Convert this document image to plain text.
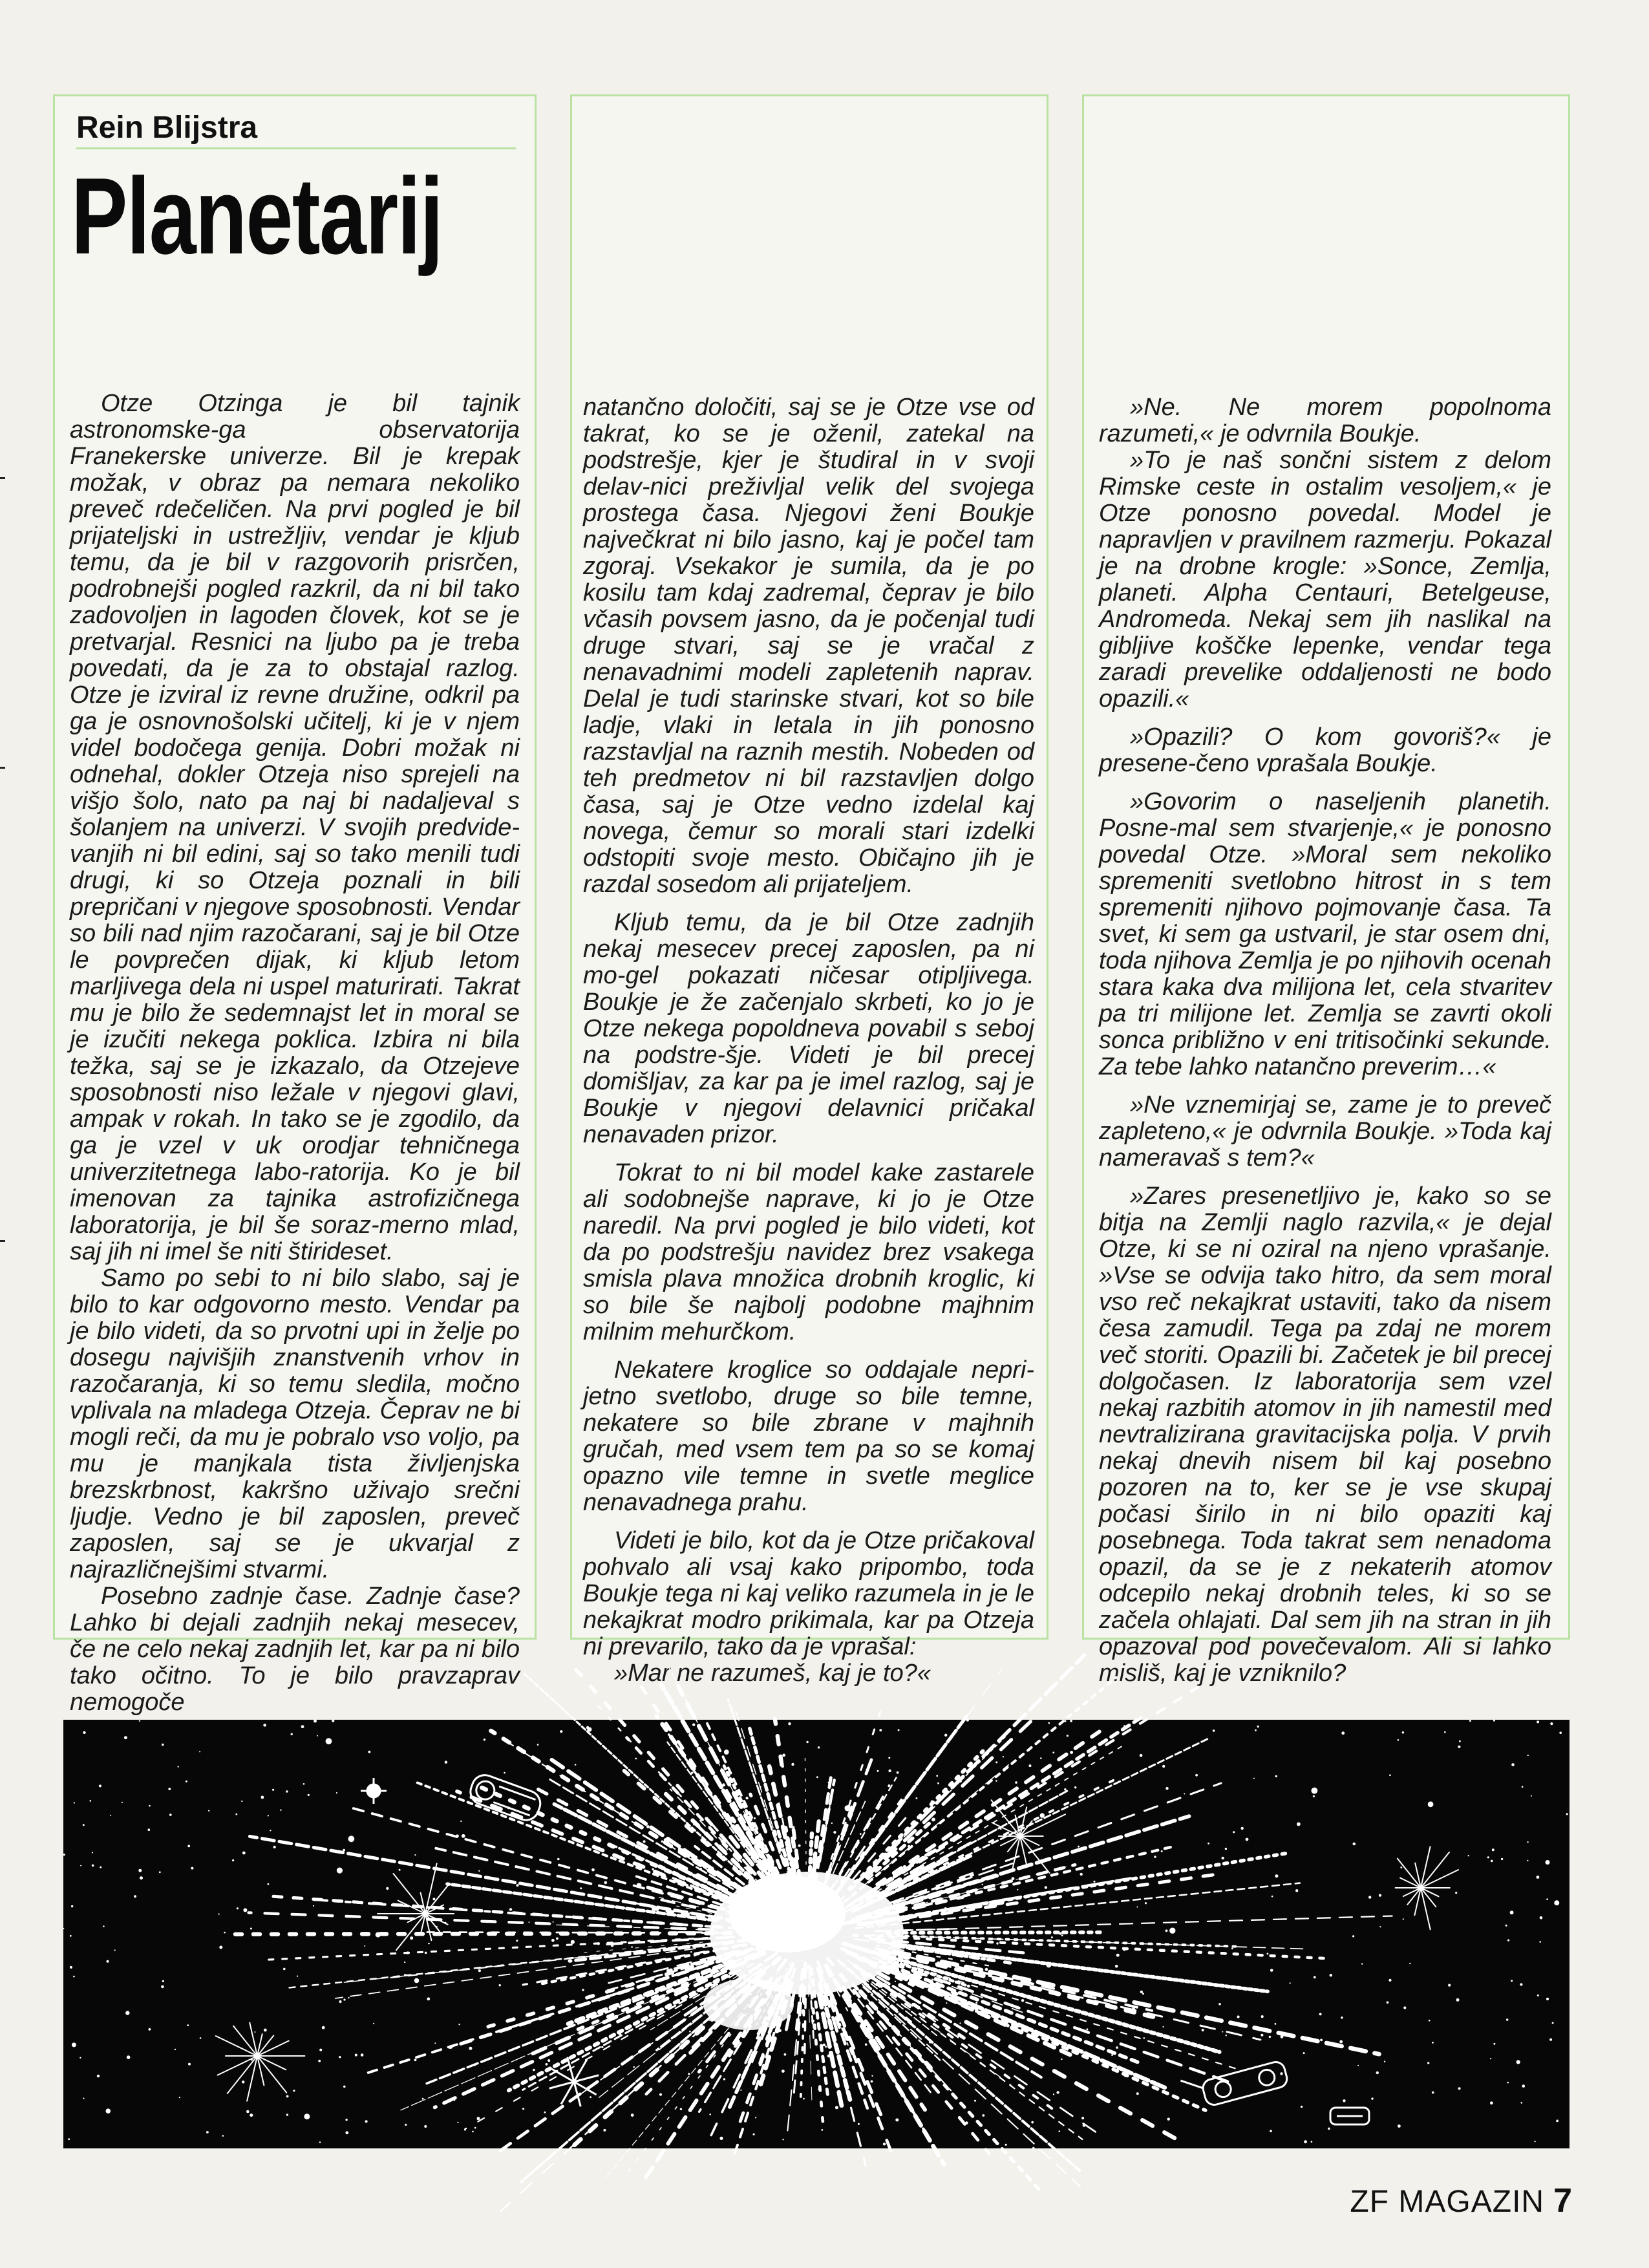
Rein Blijstra
Planetarij

Otze Otzinga je bil tajnik astronomske-ga observatorija Franekerske univerze. Bil je krepak možak, v obraz pa nemara nekoliko preveč rdečeličen. Na prvi pogled je bil prijateljski in ustrežljiv, vendar je kljub temu, da je bil v razgovorih prisrčen, podrobnejši pogled razkril, da ni bil tako zadovoljen in lagoden človek, kot se je pretvarjal. Resnici na ljubo pa je treba povedati, da je za to obstajal razlog. Otze je izviral iz revne družine, odkril pa ga je osnovnošolski učitelj, ki je v njem videl bodočega genija. Dobri možak ni odnehal, dokler Otzeja niso sprejeli na višjo šolo, nato pa naj bi nadaljeval s šolanjem na univerzi. V svojih predvide-vanjih ni bil edini, saj so tako menili tudi drugi, ki so Otzeja poznali in bili prepričani v njegove sposobnosti. Vendar so bili nad njim razočarani, saj je bil Otze le povprečen dijak, ki kljub letom marljivega dela ni uspel maturirati. Takrat mu je bilo že sedemnajst let in moral se je izučiti nekega poklica. Izbira ni bila težka, saj se je izkazalo, da Otzejeve sposobnosti niso ležale v njegovi glavi, ampak v rokah. In tako se je zgodilo, da ga je vzel v uk orodjar tehničnega univerzitetnega labo-ratorija. Ko je bil imenovan za tajnika astrofizičnega laboratorija, je bil še soraz-merno mlad, saj jih ni imel še niti štirideset.

Samo po sebi to ni bilo slabo, saj je bilo to kar odgovorno mesto. Vendar pa je bilo videti, da so prvotni upi in želje po dosegu najvišjih znanstvenih vrhov in razočaranja, ki so temu sledila, močno vplivala na mladega Otzeja. Čeprav ne bi mogli reči, da mu je pobralo vso voljo, pa mu je manjkala tista življenjska brezskrbnost, kakršno uživajo srečni ljudje. Vedno je bil zaposlen, preveč zaposlen, saj se je ukvarjal z najrazličnejšimi stvarmi.

Posebno zadnje čase. Zadnje čase? Lahko bi dejali zadnjih nekaj mesecev, če ne celo nekaj zadnjih let, kar pa ni bilo tako očitno. To je bilo pravzaprav nemogoče

natančno določiti, saj se je Otze vse od takrat, ko se je oženil, zatekal na podstrešje, kjer je študiral in v svoji delav-nici preživljal velik del svojega prostega časa. Njegovi ženi Boukje največkrat ni bilo jasno, kaj je počel tam zgoraj. Vsekakor je sumila, da je po kosilu tam kdaj zadremal, čeprav je bilo včasih povsem jasno, da je počenjal tudi druge stvari, saj se je vračal z nenavadnimi modeli zapletenih naprav. Delal je tudi starinske stvari, kot so bile ladje, vlaki in letala in jih ponosno razstavljal na raznih mestih. Nobeden od teh predmetov ni bil razstavljen dolgo časa, saj je Otze vedno izdelal kaj novega, čemur so morali stari izdelki odstopiti svoje mesto. Običajno jih je razdal sosedom ali prijateljem.

Kljub temu, da je bil Otze zadnjih nekaj mesecev precej zaposlen, pa ni mo-gel pokazati ničesar otipljivega. Boukje je že začenjalo skrbeti, ko jo je Otze nekega popoldneva povabil s seboj na podstre-šje. Videti je bil precej domišljav, za kar pa je imel razlog, saj je Boukje v njegovi delavnici pričakal nenavaden prizor.

Tokrat to ni bil model kake zastarele ali sodobnejše naprave, ki jo je Otze naredil. Na prvi pogled je bilo videti, kot da po podstrešju navidez brez vsakega smisla plava množica drobnih kroglic, ki so bile še najbolj podobne majhnim milnim mehurčkom.

Nekatere kroglice so oddajale nepri-jetno svetlobo, druge so bile temne, nekatere so bile zbrane v majhnih gručah, med vsem tem pa so se komaj opazno vile temne in svetle meglice nenavadnega prahu.

Videti je bilo, kot da je Otze pričakoval pohvalo ali vsaj kako pripombo, toda Boukje tega ni kaj veliko razumela in je le nekajkrat modro prikimala, kar pa Otzeja ni prevarilo, tako da je vprašal:

»Mar ne razumeš, kaj je to?«

»Ne. Ne morem popolnoma razumeti,« je odvrnila Boukje.

»To je naš sončni sistem z delom Rimske ceste in ostalim vesoljem,« je Otze ponosno povedal. Model je napravljen v pravilnem razmerju. Pokazal je na drobne krogle: »Sonce, Zemlja, planeti. Alpha Centauri, Betelgeuse, Andromeda. Nekaj sem jih naslikal na gibljive koščke lepenke, vendar tega zaradi prevelike oddaljenosti ne bodo opazili.«

»Opazili? O kom govoriš?« je presene-čeno vprašala Boukje.

»Govorim o naseljenih planetih. Posne-mal sem stvarjenje,« je ponosno povedal Otze. »Moral sem nekoliko spremeniti svetlobno hitrost in s tem spremeniti njihovo pojmovanje časa. Ta svet, ki sem ga ustvaril, je star osem dni, toda njihova Zemlja je po njihovih ocenah stara kaka dva milijona let, cela stvaritev pa tri milijone let. Zemlja se zavrti okoli sonca približno v eni tritisočinki sekunde. Za tebe lahko natančno preverim…«

»Ne vznemirjaj se, zame je to preveč zapleteno,« je odvrnila Boukje. »Toda kaj nameravaš s tem?«

»Zares presenetljivo je, kako so se bitja na Zemlji naglo razvila,« je dejal Otze, ki se ni oziral na njeno vprašanje. »Vse se odvija tako hitro, da sem moral vso reč nekajkrat ustaviti, tako da nisem česa zamudil. Tega pa zdaj ne morem več storiti. Opazili bi. Začetek je bil precej dolgočasen. Iz laboratorija sem vzel nekaj razbitih atomov in jih namestil med nevtralizirana gravitacijska polja. V prvih nekaj dnevih nisem bil kaj posebno pozoren na to, ker se je vse skupaj počasi širilo in ni bilo opaziti kaj posebnega. Toda takrat sem nenadoma opazil, da se je z nekaterih atomov odcepilo nekaj drobnih teles, ki so se začela ohlajati. Dal sem jih na stran in jih opazoval pod povečevalom. Ali si lahko misliš, kaj je vzniknilo?

ZF MAGAZIN 7
